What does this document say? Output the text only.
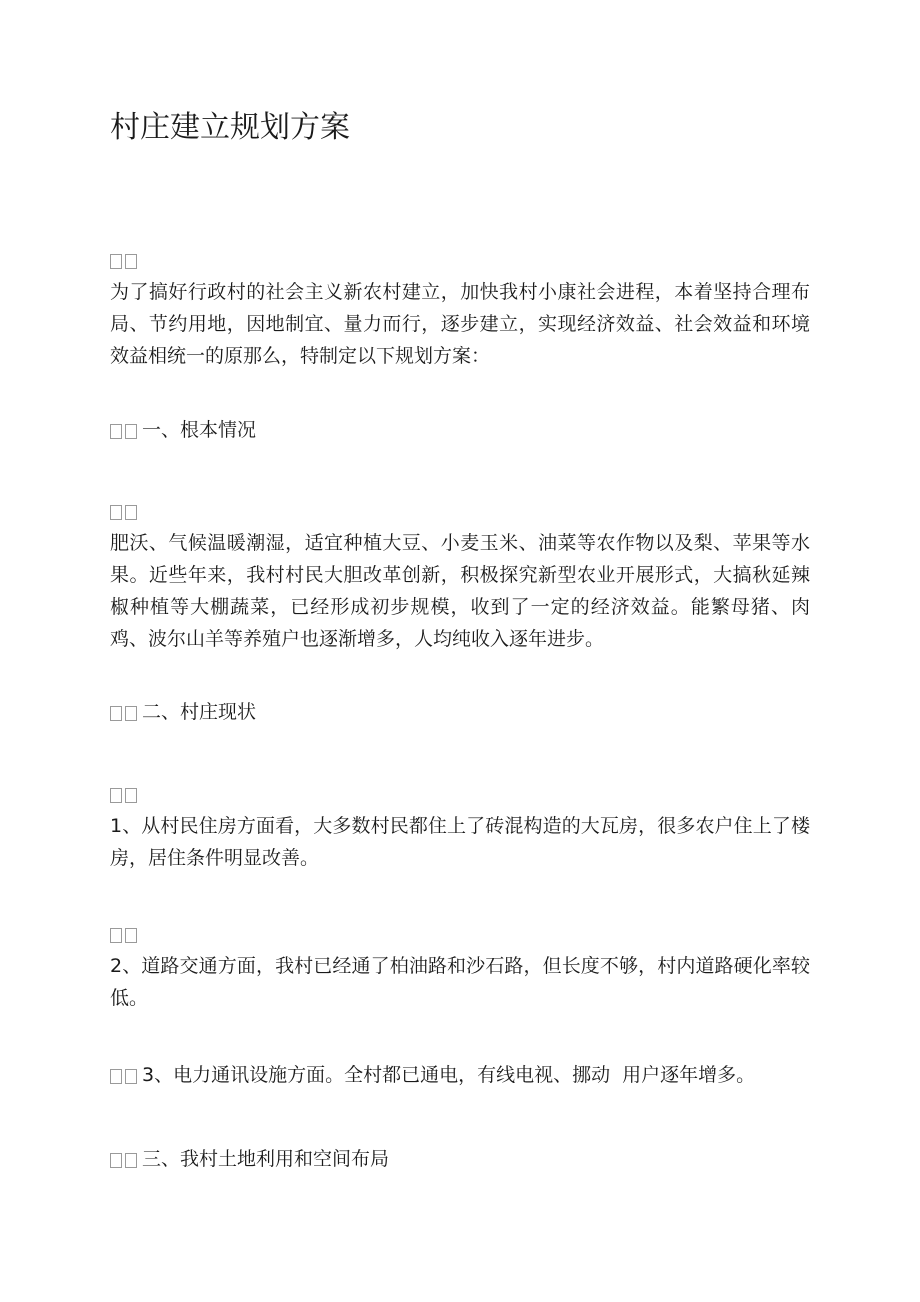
村庄建立规划方案

为了搞好行政村的社会主义新农村建立，加快我村小康社会进程，本着坚持合理布局、节约用地，因地制宜、量力而行，逐步建立，实现经济效益、社会效益和环境效益相统一的原那么，特制定以下规划方案：

一、根本情况

肥沃、气候温暖潮湿，适宜种植大豆、小麦玉米、油菜等农作物以及梨、苹果等水果。近些年来，我村村民大胆改革创新，积极探究新型农业开展形式，大搞秋延辣椒种植等大棚蔬菜，已经形成初步规模，收到了一定的经济效益。能繁母猪、肉鸡、波尔山羊等养殖户也逐渐增多，人均纯收入逐年进步。

二、村庄现状

1、从村民住房方面看，大多数村民都住上了砖混构造的大瓦房，很多农户住上了楼房，居住条件明显改善。

2、道路交通方面，我村已经通了柏油路和沙石路，但长度不够，村内道路硬化率较低。

3、电力通讯设施方面。全村都已通电，有线电视、挪动  用户逐年增多。
三、我村土地利用和空间布局
